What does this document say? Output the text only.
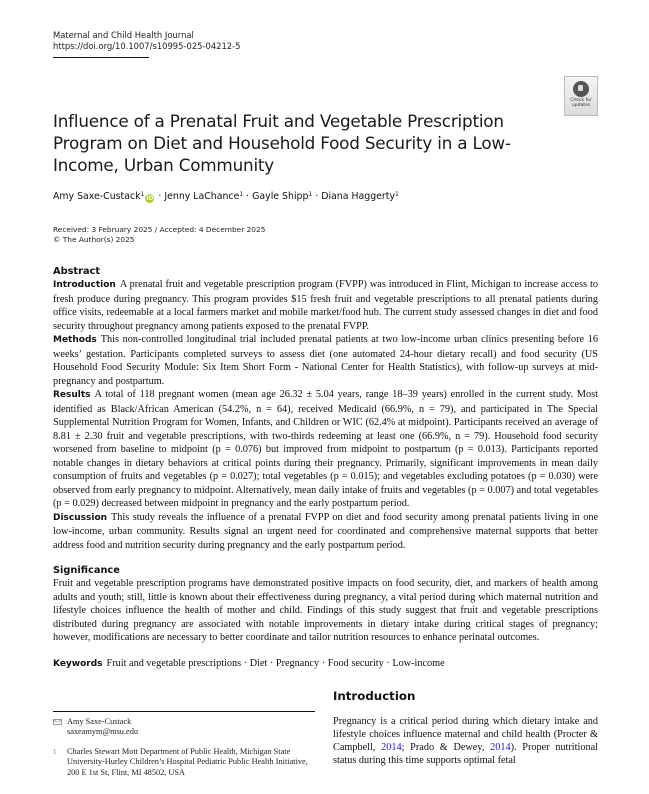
Maternal and Child Health Journal
https://doi.org/10.1007/s10995-025-04212-5
Check for
updates
Influence of a Prenatal Fruit and Vegetable Prescription Program on Diet and Household Food Security in a Low-Income, Urban Community
Amy Saxe-Custack$^1$iD · Jenny LaChance$^1$ · Gayle Shipp$^1$ · Diana Haggerty$^1$
Received: 3 February 2025 / Accepted: 4 December 2025
© The Author(s) 2025
Abstract

Introduction A prenatal fruit and vegetable prescription program (FVPP) was introduced in Flint, Michigan to increase access to fresh produce during pregnancy. This program provides $15 fresh fruit and vegetable prescriptions to all prenatal patients during office visits, redeemable at a local farmers market and mobile market/food hub. The current study assessed changes in diet and food security throughout pregnancy among patients exposed to the prenatal FVPP.

Methods This non-controlled longitudinal trial included prenatal patients at two low-income urban clinics presenting before 16 weeks’ gestation. Participants completed surveys to assess diet (one automated 24-hour dietary recall) and food security (US Household Food Security Module: Six Item Short Form - National Center for Health Statistics), with follow-up surveys at mid-pregnancy and postpartum.

Results A total of 118 pregnant women (mean age 26.32 ± 5.04 years, range 18–39 years) enrolled in the current study. Most identified as Black/African American (54.2%, n = 64), received Medicaid (66.9%, n = 79), and participated in The Special Supplemental Nutrition Program for Women, Infants, and Children or WIC (62.4% at midpoint). Participants received an average of 8.81 ± 2.30 fruit and vegetable prescriptions, with two-thirds redeeming at least one (66.9%, n = 79). Household food security worsened from baseline to midpoint (p = 0.076) but improved from midpoint to postpartum (p = 0.013). Participants reported notable changes in dietary behaviors at critical points during their pregnancy. Primarily, significant improvements in mean daily consumption of fruits and vegetables (p = 0.027); total vegetables (p = 0.015); and vegetables excluding potatoes (p = 0.030) were observed from early pregnancy to midpoint. Alternatively, mean daily intake of fruits and vegetables (p = 0.007) and total vegetables (p = 0.029) decreased between midpoint in pregnancy and the early postpartum period.

Discussion This study reveals the influence of a prenatal FVPP on diet and food security among prenatal patients living in one low-income, urban community. Results signal an urgent need for coordinated and comprehensive maternal supports that better address food and nutrition security during pregnancy and the early postpartum period.

Significance

Fruit and vegetable prescription programs have demonstrated positive impacts on food security, diet, and markers of health among adults and youth; still, little is known about their effectiveness during pregnancy, a vital period during which maternal nutrition and lifestyle choices influence the health of mother and child. Findings of this study suggest that fruit and vegetable prescriptions distributed during pregnancy are associated with notable improvements in dietary intake during critical stages of pregnancy; however, modifications are necessary to better coordinate and tailor nutrition resources to enhance perinatal outcomes.

Keywords Fruit and vegetable prescriptions · Diet · Pregnancy · Food security · Low-income
Amy Saxe-Custack
saxeamym@msu.edu
1	Charles Stewart Mott Department of Public Health, Michigan State University-Hurley Children’s Hospital Pediatric Public Health Initiative, 200 E 1st St, Flint, MI 48502, USA
Introduction

Pregnancy is a critical period during which dietary intake and lifestyle choices influence maternal and child health (Procter & Campbell, 2014; Prado & Dewey, 2014). Proper nutritional status during this time supports optimal fetal
